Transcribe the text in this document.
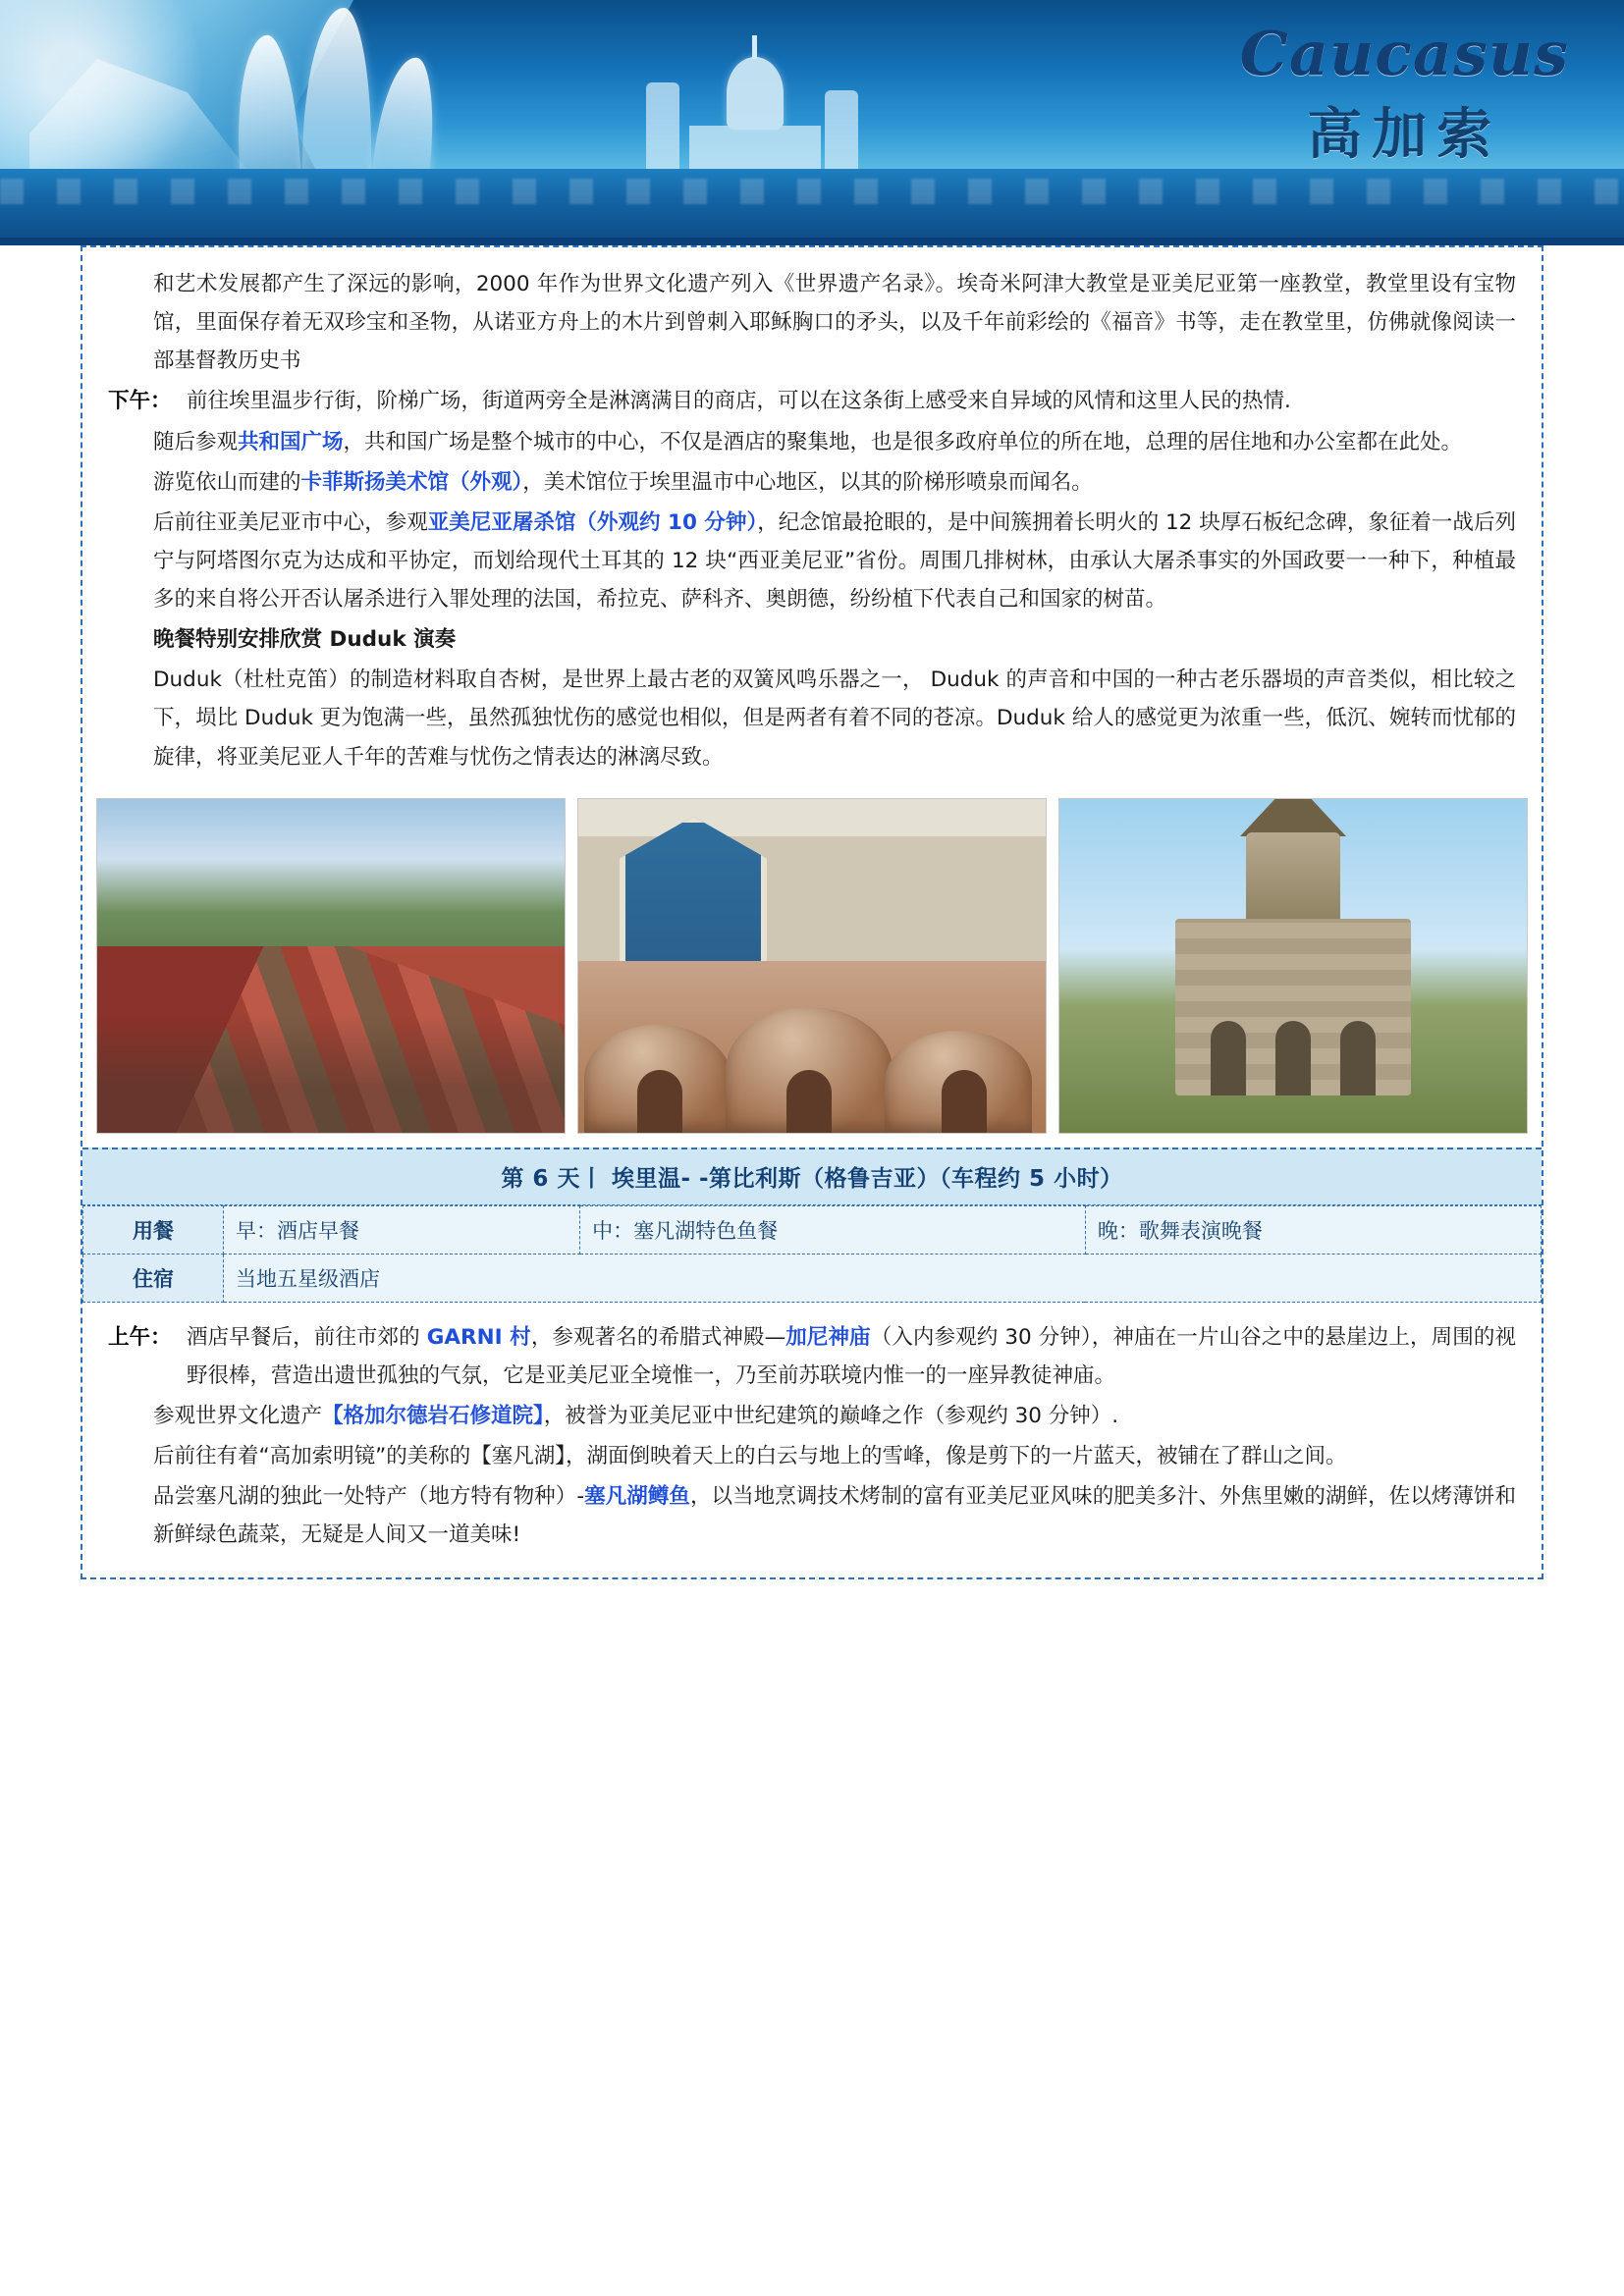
Caucasus
高加索

和艺术发展都产生了深远的影响，2000 年作为世界文化遗产列入《世界遗产名录》。埃奇米阿津大教堂是亚美尼亚第一座教堂，教堂里设有宝物馆，里面保存着无双珍宝和圣物，从诺亚方舟上的木片到曾刺入耶稣胸口的矛头，以及千年前彩绘的《福音》书等，走在教堂里，仿佛就像阅读一部基督教历史书

下午： 前往埃里温步行街，阶梯广场，街道两旁全是淋漓满目的商店，可以在这条街上感受来自异域的风情和这里人民的热情.

随后参观共和国广场，共和国广场是整个城市的中心，不仅是酒店的聚集地，也是很多政府单位的所在地，总理的居住地和办公室都在此处。

游览依山而建的卡菲斯扬美术馆（外观），美术馆位于埃里温市中心地区，以其的阶梯形喷泉而闻名。

后前往亚美尼亚市中心，参观亚美尼亚屠杀馆（外观约 10 分钟），纪念馆最抢眼的，是中间簇拥着长明火的 12 块厚石板纪念碑，象征着一战后列宁与阿塔图尔克为达成和平协定，而划给现代土耳其的 12 块“西亚美尼亚”省份。周围几排树林，由承认大屠杀事实的外国政要一一种下，种植最多的来自将公开否认屠杀进行入罪处理的法国，希拉克、萨科齐、奥朗德，纷纷植下代表自己和国家的树苗。

晚餐特别安排欣赏 Duduk 演奏

Duduk（杜杜克笛）的制造材料取自杏树，是世界上最古老的双簧风鸣乐器之一， Duduk 的声音和中国的一种古老乐器埙的声音类似，相比较之下，埙比 Duduk 更为饱满一些，虽然孤独忧伤的感觉也相似，但是两者有着不同的苍凉。Duduk 给人的感觉更为浓重一些，低沉、婉转而忧郁的旋律，将亚美尼亚人千年的苦难与忧伤之情表达的淋漓尽致。

第 6 天丨 埃里温- -第比利斯（格鲁吉亚）（车程约 5 小时）
用餐	早：酒店早餐	中：塞凡湖特色鱼餐	晚：歌舞表演晚餐
住宿	当地五星级酒店		
上午： 酒店早餐后，前往市郊的 GARNI 村，参观著名的希腊式神殿—加尼神庙（入内参观约 30 分钟），神庙在一片山谷之中的悬崖边上，周围的视野很棒，营造出遗世孤独的气氛，它是亚美尼亚全境惟一，乃至前苏联境内惟一的一座异教徒神庙。

参观世界文化遗产【格加尔德岩石修道院】，被誉为亚美尼亚中世纪建筑的巅峰之作（参观约 30 分钟）.

后前往有着“高加索明镜”的美称的【塞凡湖】，湖面倒映着天上的白云与地上的雪峰，像是剪下的一片蓝天，被铺在了群山之间。

品尝塞凡湖的独此一处特产（地方特有物种）-塞凡湖鳟鱼，以当地烹调技术烤制的富有亚美尼亚风味的肥美多汁、外焦里嫩的湖鲜，佐以烤薄饼和新鲜绿色蔬菜，无疑是人间又一道美味!
